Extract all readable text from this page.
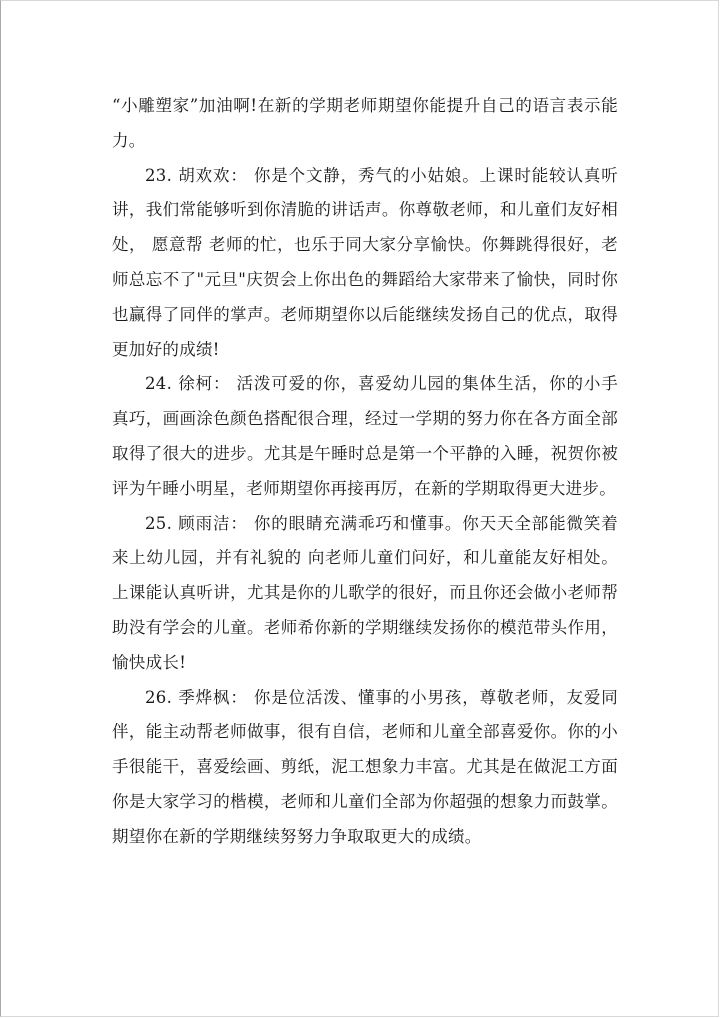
“小雕塑家”加油啊!在新的学期老师期望你能提升自己的语言表示能力。

23. 胡欢欢： 你是个文静，秀气的小姑娘。上课时能较认真听讲，我们常能够听到你清脆的讲话声。你尊敬老师，和儿童们友好相处， 愿意帮 老师的忙，也乐于同大家分享愉快。你舞跳得很好，老师总忘不了"元旦"庆贺会上你出色的舞蹈给大家带来了愉快，同时你也赢得了同伴的掌声。老师期望你以后能继续发扬自己的优点，取得更加好的成绩!

24. 徐柯： 活泼可爱的你，喜爱幼儿园的集体生活，你的小手真巧，画画涂色颜色搭配很合理，经过一学期的努力你在各方面全部取得了很大的进步。尤其是午睡时总是第一个平静的入睡，祝贺你被评为午睡小明星，老师期望你再接再厉，在新的学期取得更大进步。

25. 顾雨洁： 你的眼睛充满乖巧和懂事。你天天全部能微笑着来上幼儿园，并有礼貌的 向老师儿童们问好，和儿童能友好相处。上课能认真听讲，尤其是你的儿歌学的很好，而且你还会做小老师帮助没有学会的儿童。老师希你新的学期继续发扬你的模范带头作用，愉快成长!

26. 季烨枫： 你是位活泼、懂事的小男孩，尊敬老师，友爱同伴，能主动帮老师做事，很有自信，老师和儿童全部喜爱你。你的小手很能干，喜爱绘画、剪纸，泥工想象力丰富。尤其是在做泥工方面你是大家学习的楷模，老师和儿童们全部为你超强的想象力而鼓掌。期望你在新的学期继续努努力争取取更大的成绩。
